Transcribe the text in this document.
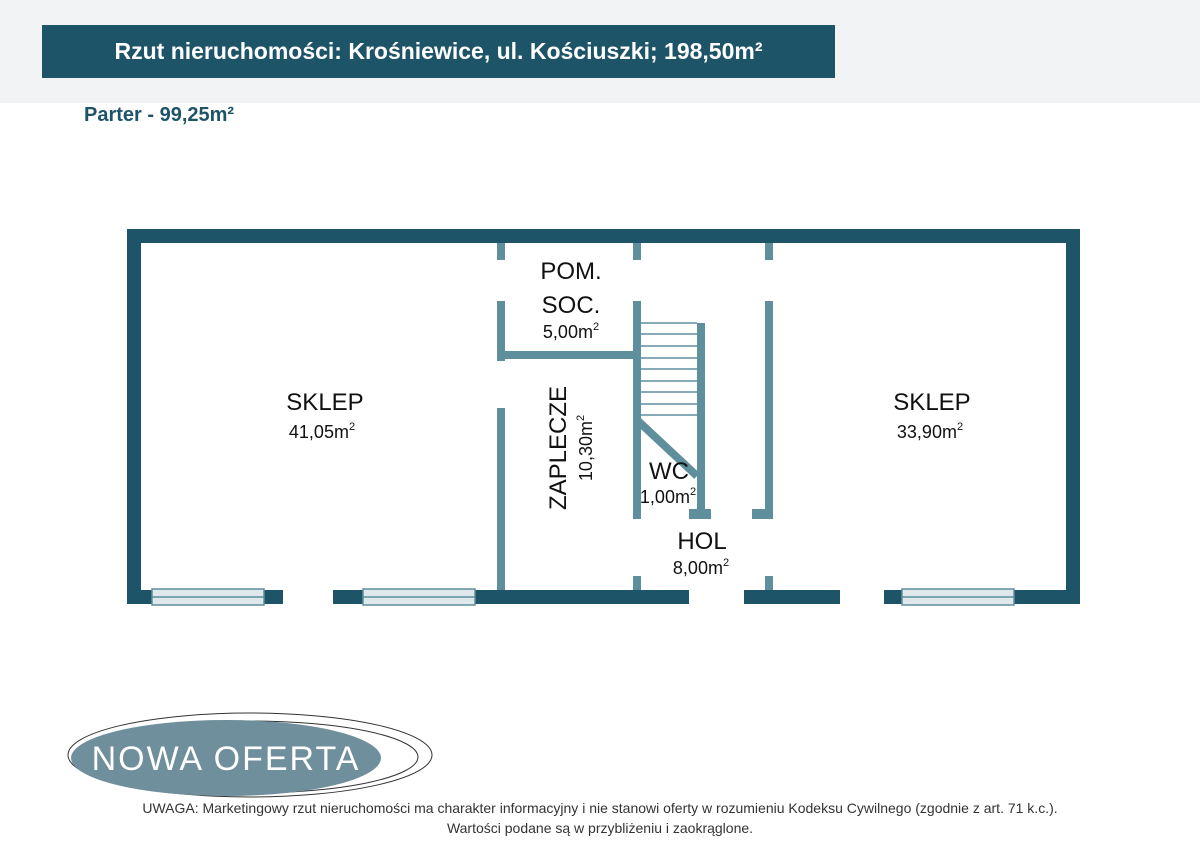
Rzut nieruchomości: Krośniewice, ul. Kościuszki; 198,50m²
Parter - 99,25m²
SKLEP
$41,05m^2$
POM.
SOC.
$5,00m^2$
ZAPLECZE $10,30m^2$
WC
$1,00m^2$
HOL
$8,00m^2$
SKLEP
$33,90m^2$
NOWA OFERTA
UWAGA: Marketingowy rzut nieruchomości ma charakter informacyjny i nie stanowi oferty w rozumieniu Kodeksu Cywilnego (zgodnie z art. 71 k.c.).
Wartości podane są w przybliżeniu i zaokrąglone.
